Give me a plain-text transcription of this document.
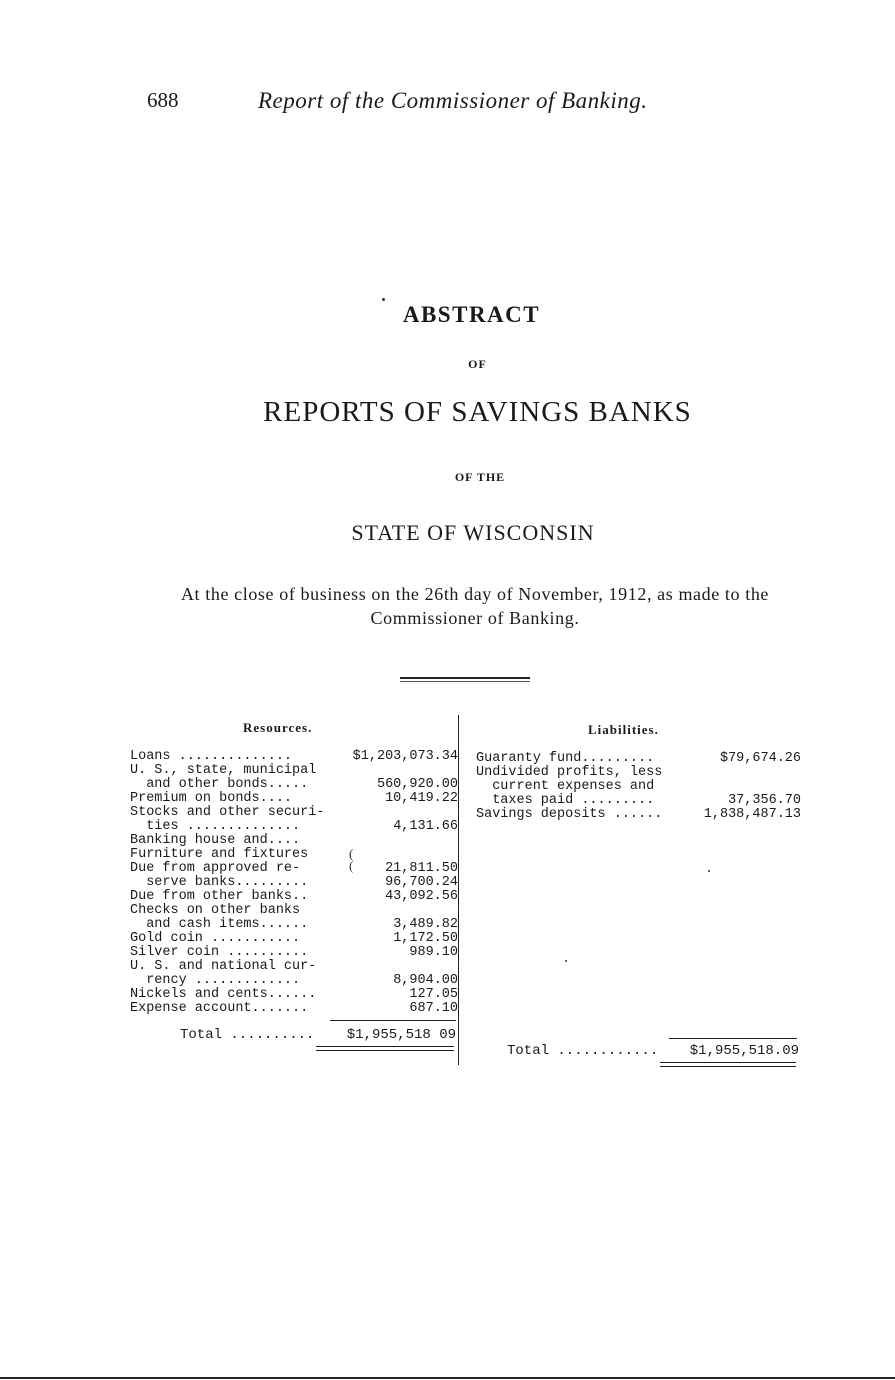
688	Report of the Commissioner of Banking.
ABSTRACT
OF
REPORTS OF SAVINGS BANKS
OF THE
STATE OF WISCONSIN
At the close of business on the 26th day of November, 1912, as made to the Commissioner of Banking.
Resources.	Liabilities.
Loans ..............	$1,203,073.34
U. S., state, municipal
and other bonds.....	560,920.00
Premium on bonds....	10,419.22
Stocks and other securi-
ties ..............	4,131.66
Banking house and....
Furniture and fixtures
Due from approved re-	21,811.50
serve banks.........	96,700.24
Due from other banks..	43,092.56
Checks on other banks
and cash items......	3,489.82
Gold coin ...........	1,172.50
Silver coin ..........	989.10
U. S. and national cur-
rency .............	8,904.00
Nickels and cents......	127.05
Expense account.......	687.10
(
(
Total .......... $1,955,518 09
Guaranty fund.........	$79,674.26
Undivided profits, less
current expenses and
taxes paid .........	37,356.70
Savings deposits ......	1,838,487.13
Total ............ $1,955,518.09
